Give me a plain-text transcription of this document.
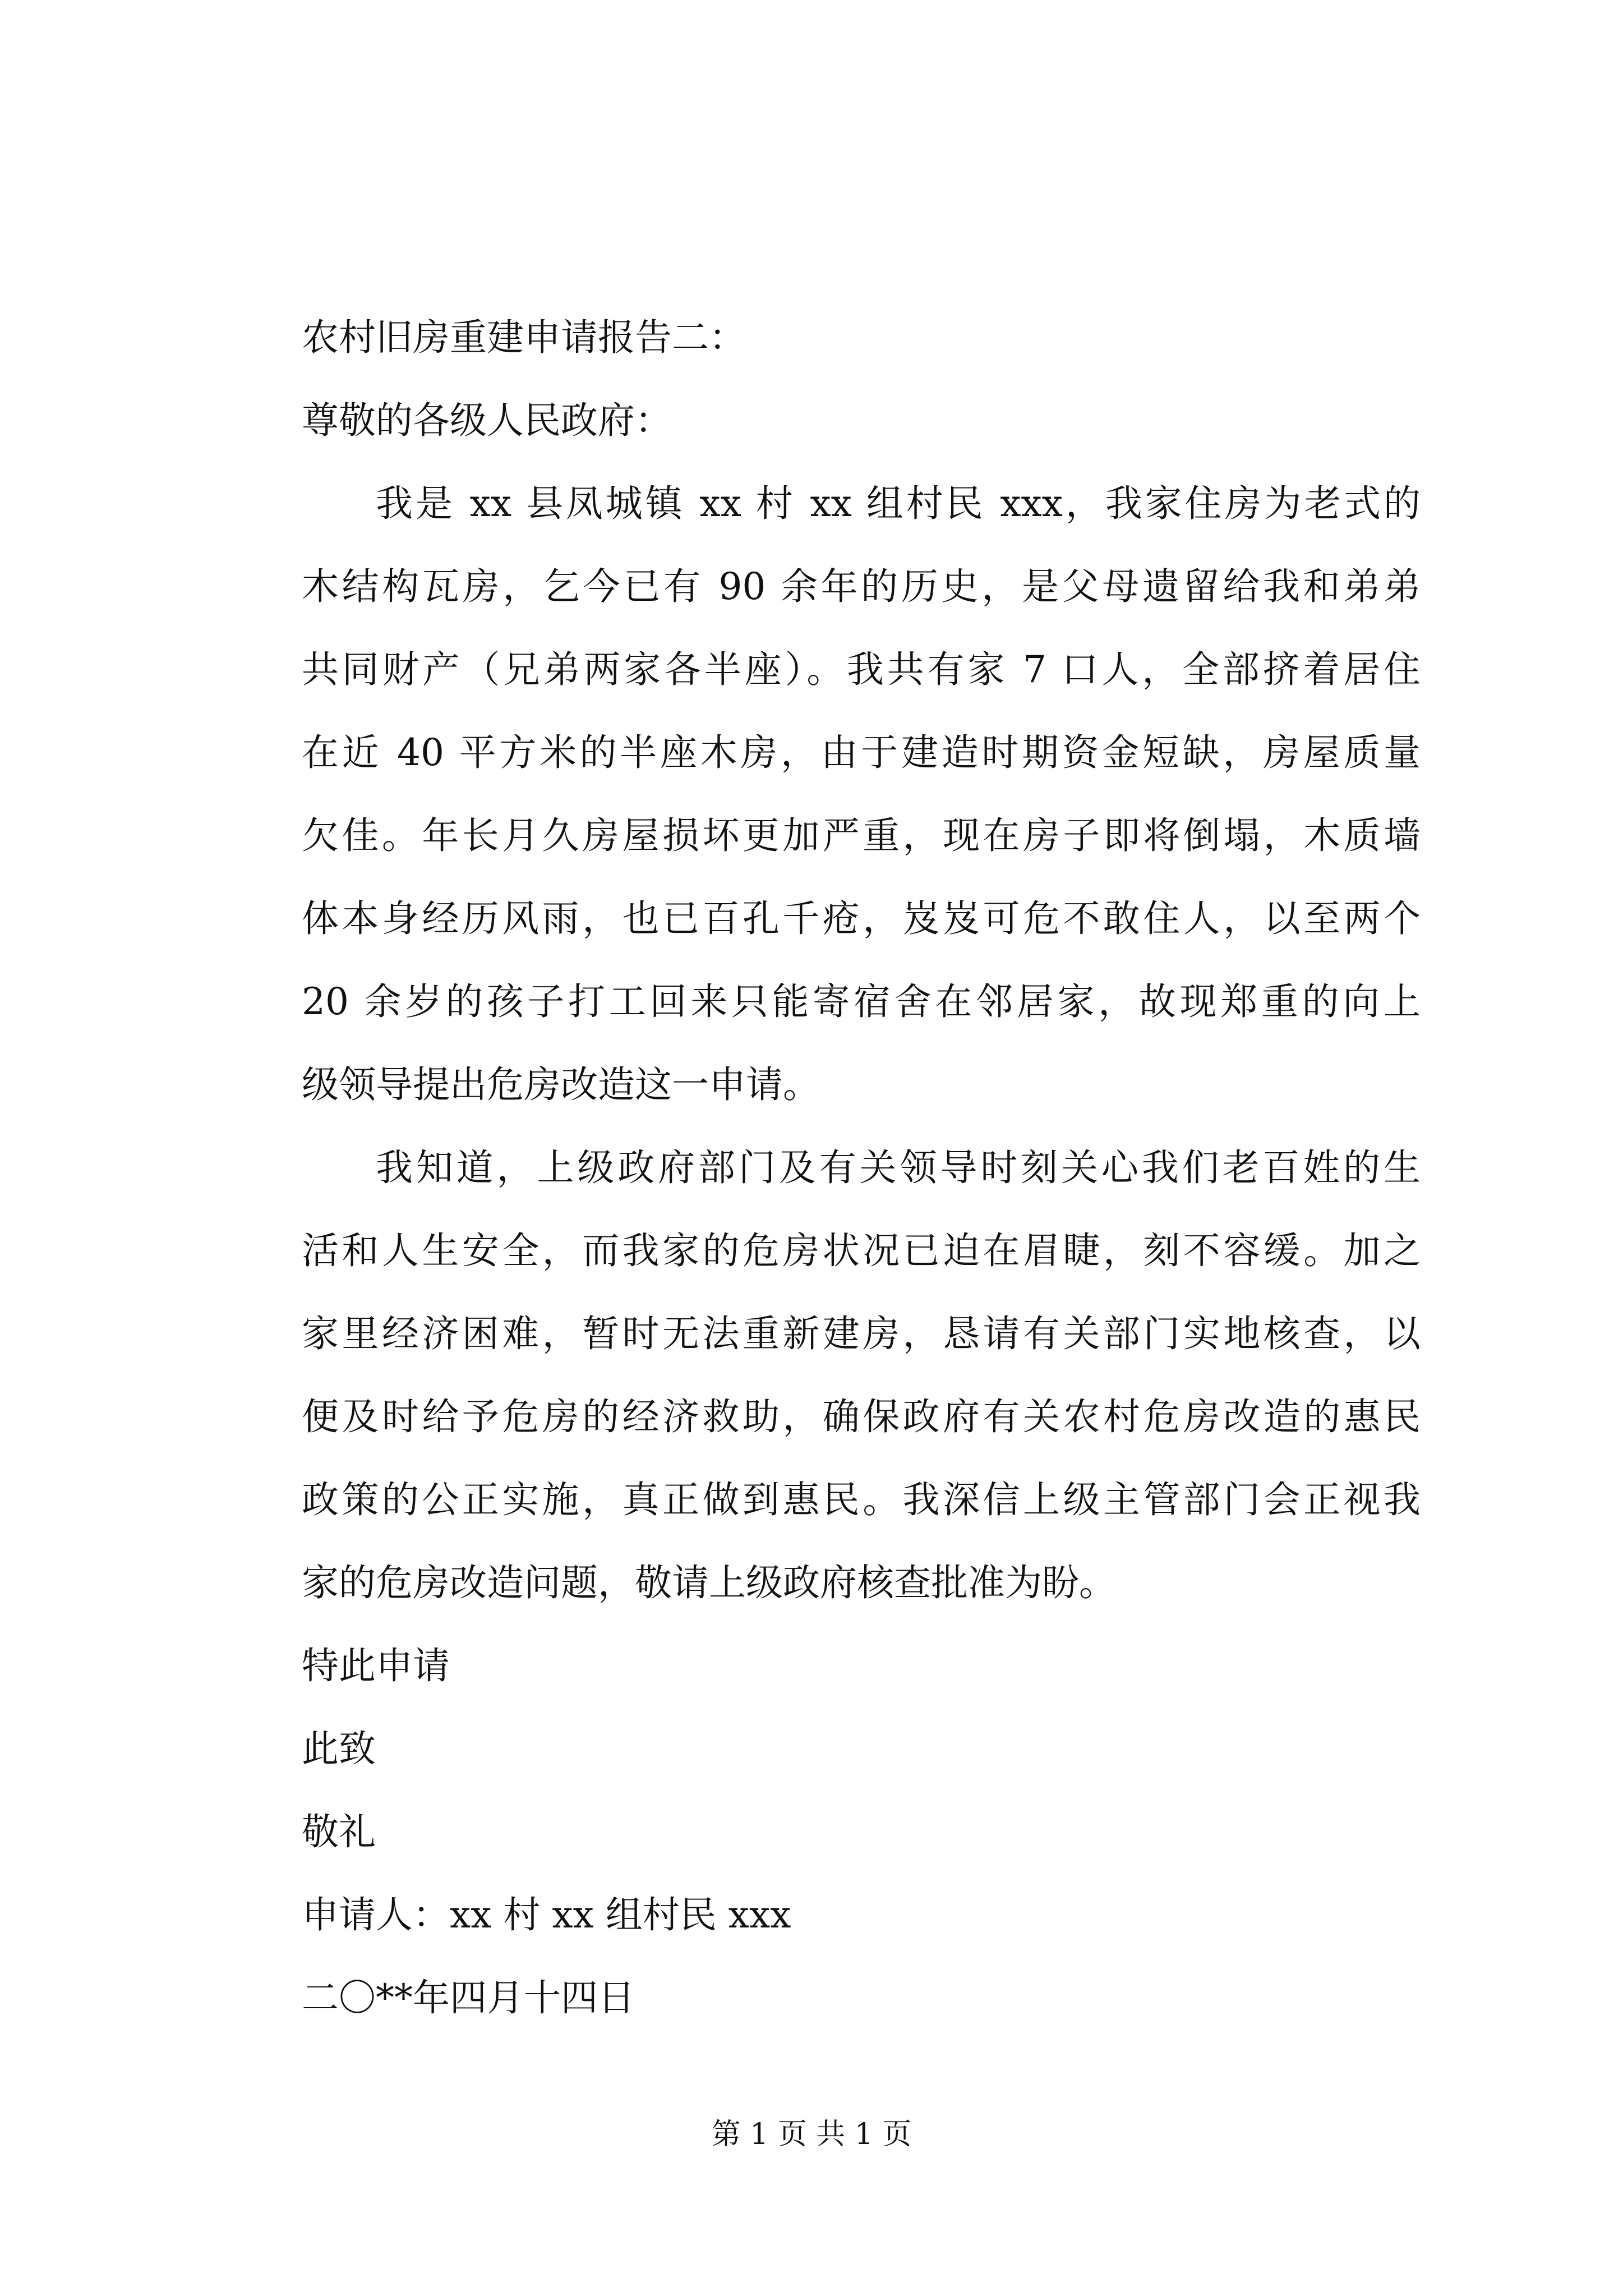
农村旧房重建申请报告二：
尊敬的各级人民政府：
我是 xx 县凤城镇 xx 村 xx 组村民 xxx，我家住房为老式的
木结构瓦房，乞今已有 90 余年的历史，是父母遗留给我和弟弟
共同财产（兄弟两家各半座）。我共有家 7 口人，全部挤着居住
在近 40 平方米的半座木房，由于建造时期资金短缺，房屋质量
欠佳。年长月久房屋损坏更加严重，现在房子即将倒塌，木质墙
体本身经历风雨，也已百孔千疮，岌岌可危不敢住人，以至两个
20 余岁的孩子打工回来只能寄宿舍在邻居家，故现郑重的向上
级领导提出危房改造这一申请。
我知道，上级政府部门及有关领导时刻关心我们老百姓的生
活和人生安全，而我家的危房状况已迫在眉睫，刻不容缓。加之
家里经济困难，暂时无法重新建房，恳请有关部门实地核查，以
便及时给予危房的经济救助，确保政府有关农村危房改造的惠民
政策的公正实施，真正做到惠民。我深信上级主管部门会正视我
家的危房改造问题，敬请上级政府核查批准为盼。
特此申请
此致
敬礼
申请人：xx 村 xx 组村民 xxx
二〇**年四月十四日
第 1 页 共 1 页
